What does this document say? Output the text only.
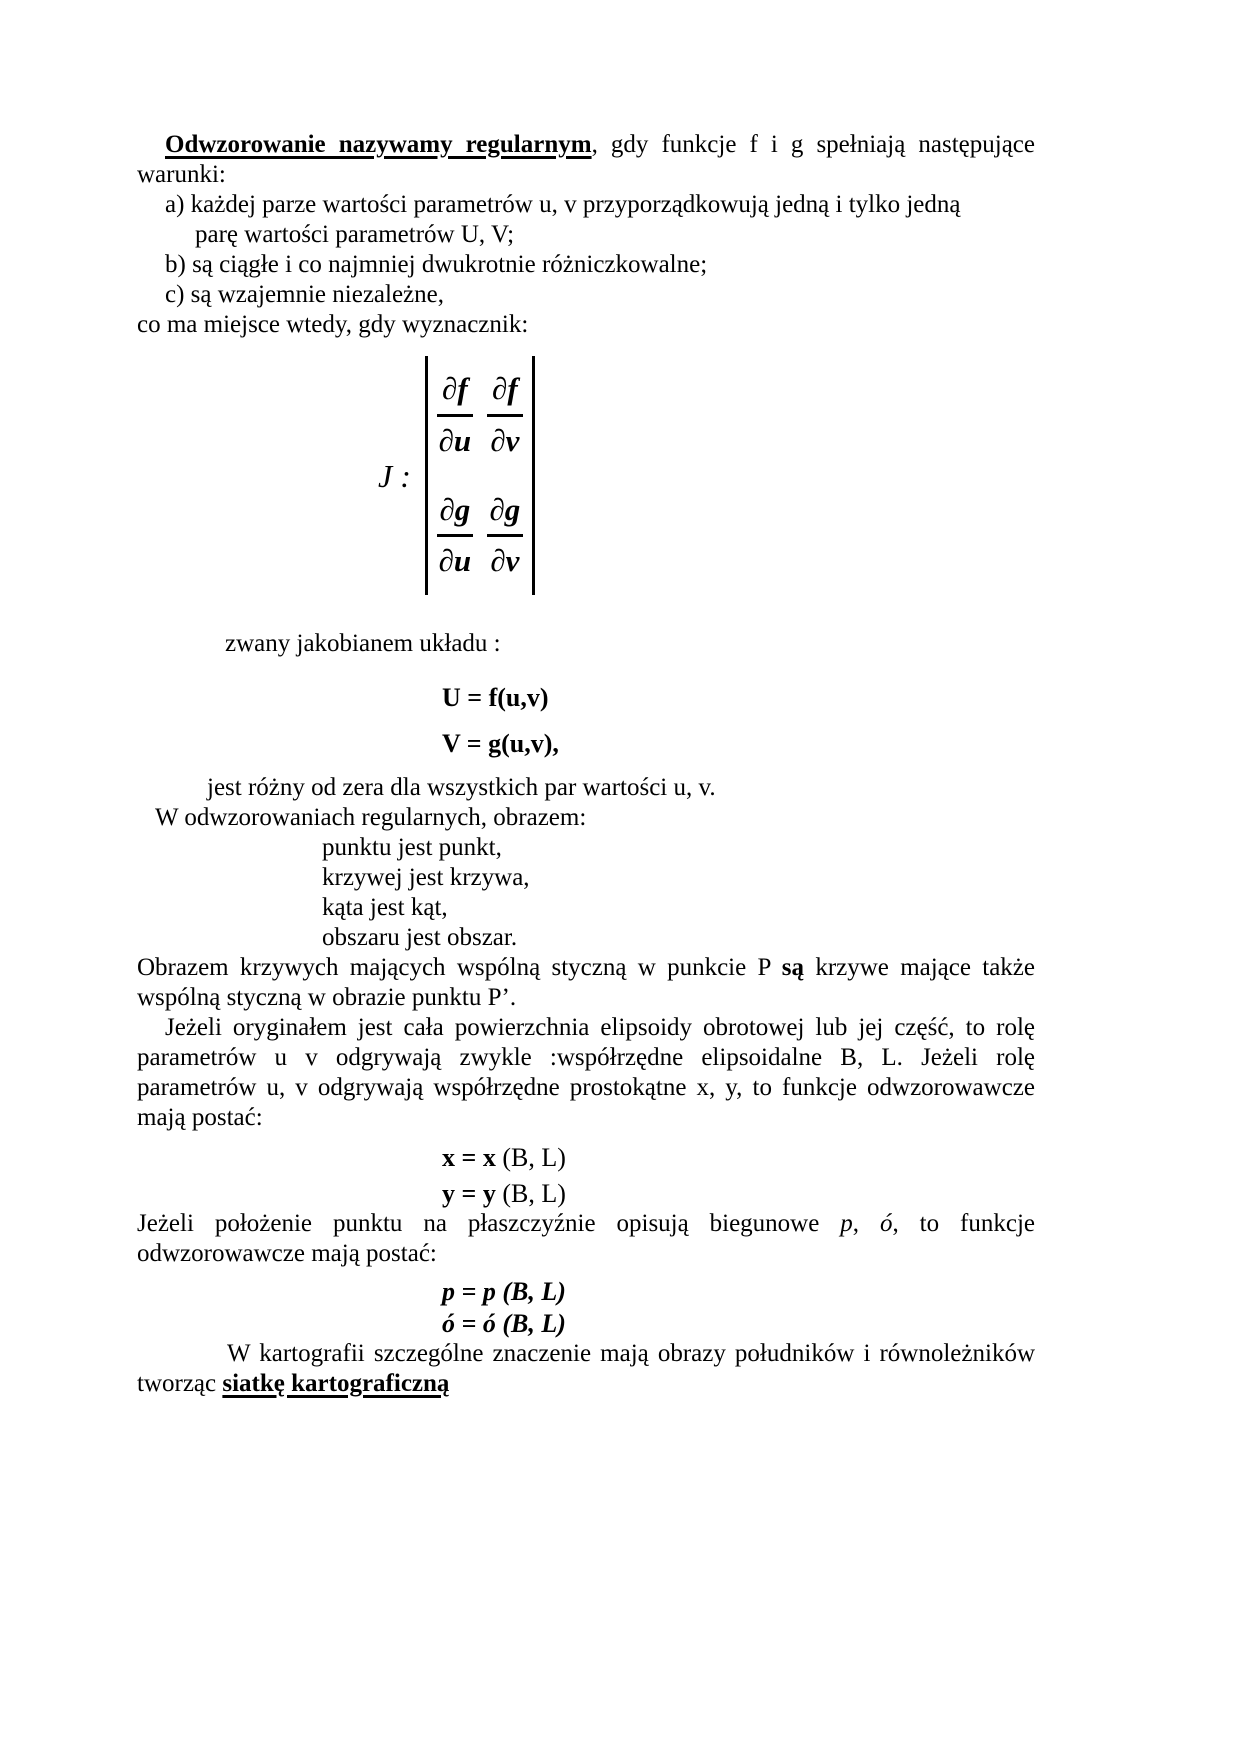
Odwzorowanie nazywamy regularnym, gdy funkcje f i g spełniają następujące warunki:

a) każdej parze wartości parametrów u, v przyporządkowują jedną i tylko jedną
parę wartości parametrów U, V;
b) są ciągłe i co najmniej dwukrotnie różniczkowalne;
c) są wzajemnie niezależne,
co ma miejsce wtedy, gdy wyznacznik:
J :
$\frac{\partial f}{\partial u} \frac{\partial f}{\partial v}$
$\frac{\partial g}{\partial u} \frac{\partial g}{\partial v}$
zwany jakobianem układu :
U = f(u,v)
V = g(u,v),
jest różny od zera dla wszystkich par wartości u, v.
W odwzorowaniach regularnych, obrazem:
punktu jest punkt,
krzywej jest krzywa,
kąta jest kąt,
obszaru jest obszar.

Obrazem krzywych mających wspólną styczną w punkcie P są krzywe mające także wspólną styczną w obrazie punktu P’.

Jeżeli oryginałem jest cała powierzchnia elipsoidy obrotowej lub jej część, to rolę parametrów u v odgrywają zwykle :współrzędne elipsoidalne B, L. Jeżeli rolę parametrów u, v odgrywają współrzędne prostokątne x, y, to funkcje odwzorowawcze mają postać:

x = x (B, L)
y = y (B, L)

Jeżeli położenie punktu na płaszczyźnie opisują biegunowe p, ó, to funkcje odwzorowawcze mają postać:

p = p (B, L)
ó = ó (B, L)

W kartografii szczególne znaczenie mają obrazy południków i równoleżników tworząc siatkę kartograficzną
